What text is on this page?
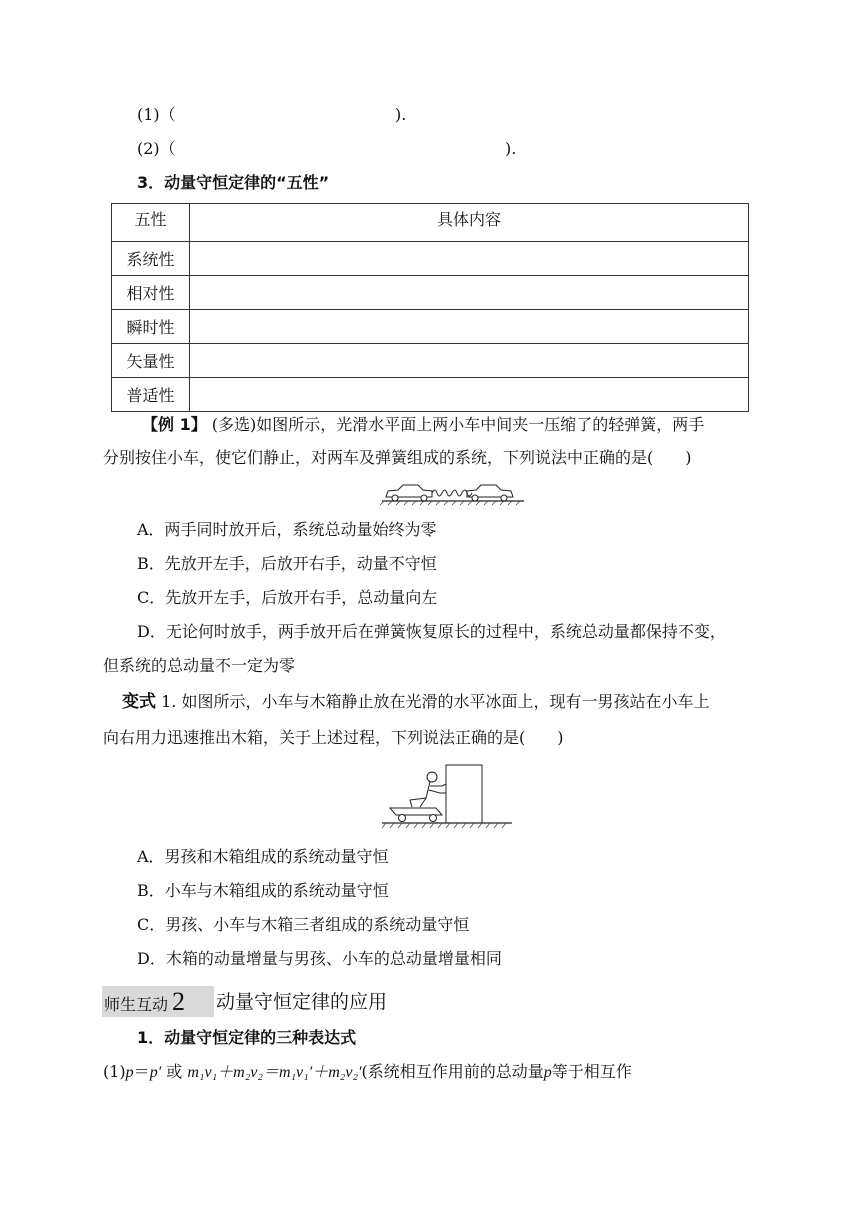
(1)（	).
(2)（	).
3．动量守恒定律的“五性”
五性	具体内容
系统性	
相对性	
瞬时性	
矢量性	
普适性	
【例 1】 (多选)如图所示，光滑水平面上两小车中间夹一压缩了的轻弹簧，两手
分别按住小车，使它们静止，对两车及弹簧组成的系统，下列说法中正确的是(　　)
A．两手同时放开后，系统总动量始终为零
B．先放开左手，后放开右手，动量不守恒
C．先放开左手，后放开右手，总动量向左
D．无论何时放手，两手放开后在弹簧恢复原长的过程中，系统总动量都保持不变，
但系统的总动量不一定为零
变式 1. 如图所示，小车与木箱静止放在光滑的水平冰面上，现有一男孩站在小车上
向右用力迅速推出木箱，关于上述过程，下列说法正确的是(　　)
A．男孩和木箱组成的系统动量守恒
B．小车与木箱组成的系统动量守恒
C．男孩、小车与木箱三者组成的系统动量守恒
D．木箱的动量增量与男孩、小车的总动量增量相同
师生互动 2 动量守恒定律的应用
1．动量守恒定律的三种表达式
(1)p＝p′ 或 m₁v₁＋m₂v₂＝m₁v₁′＋m₂v₂′(系统相互作用前的总动量p等于相互作
